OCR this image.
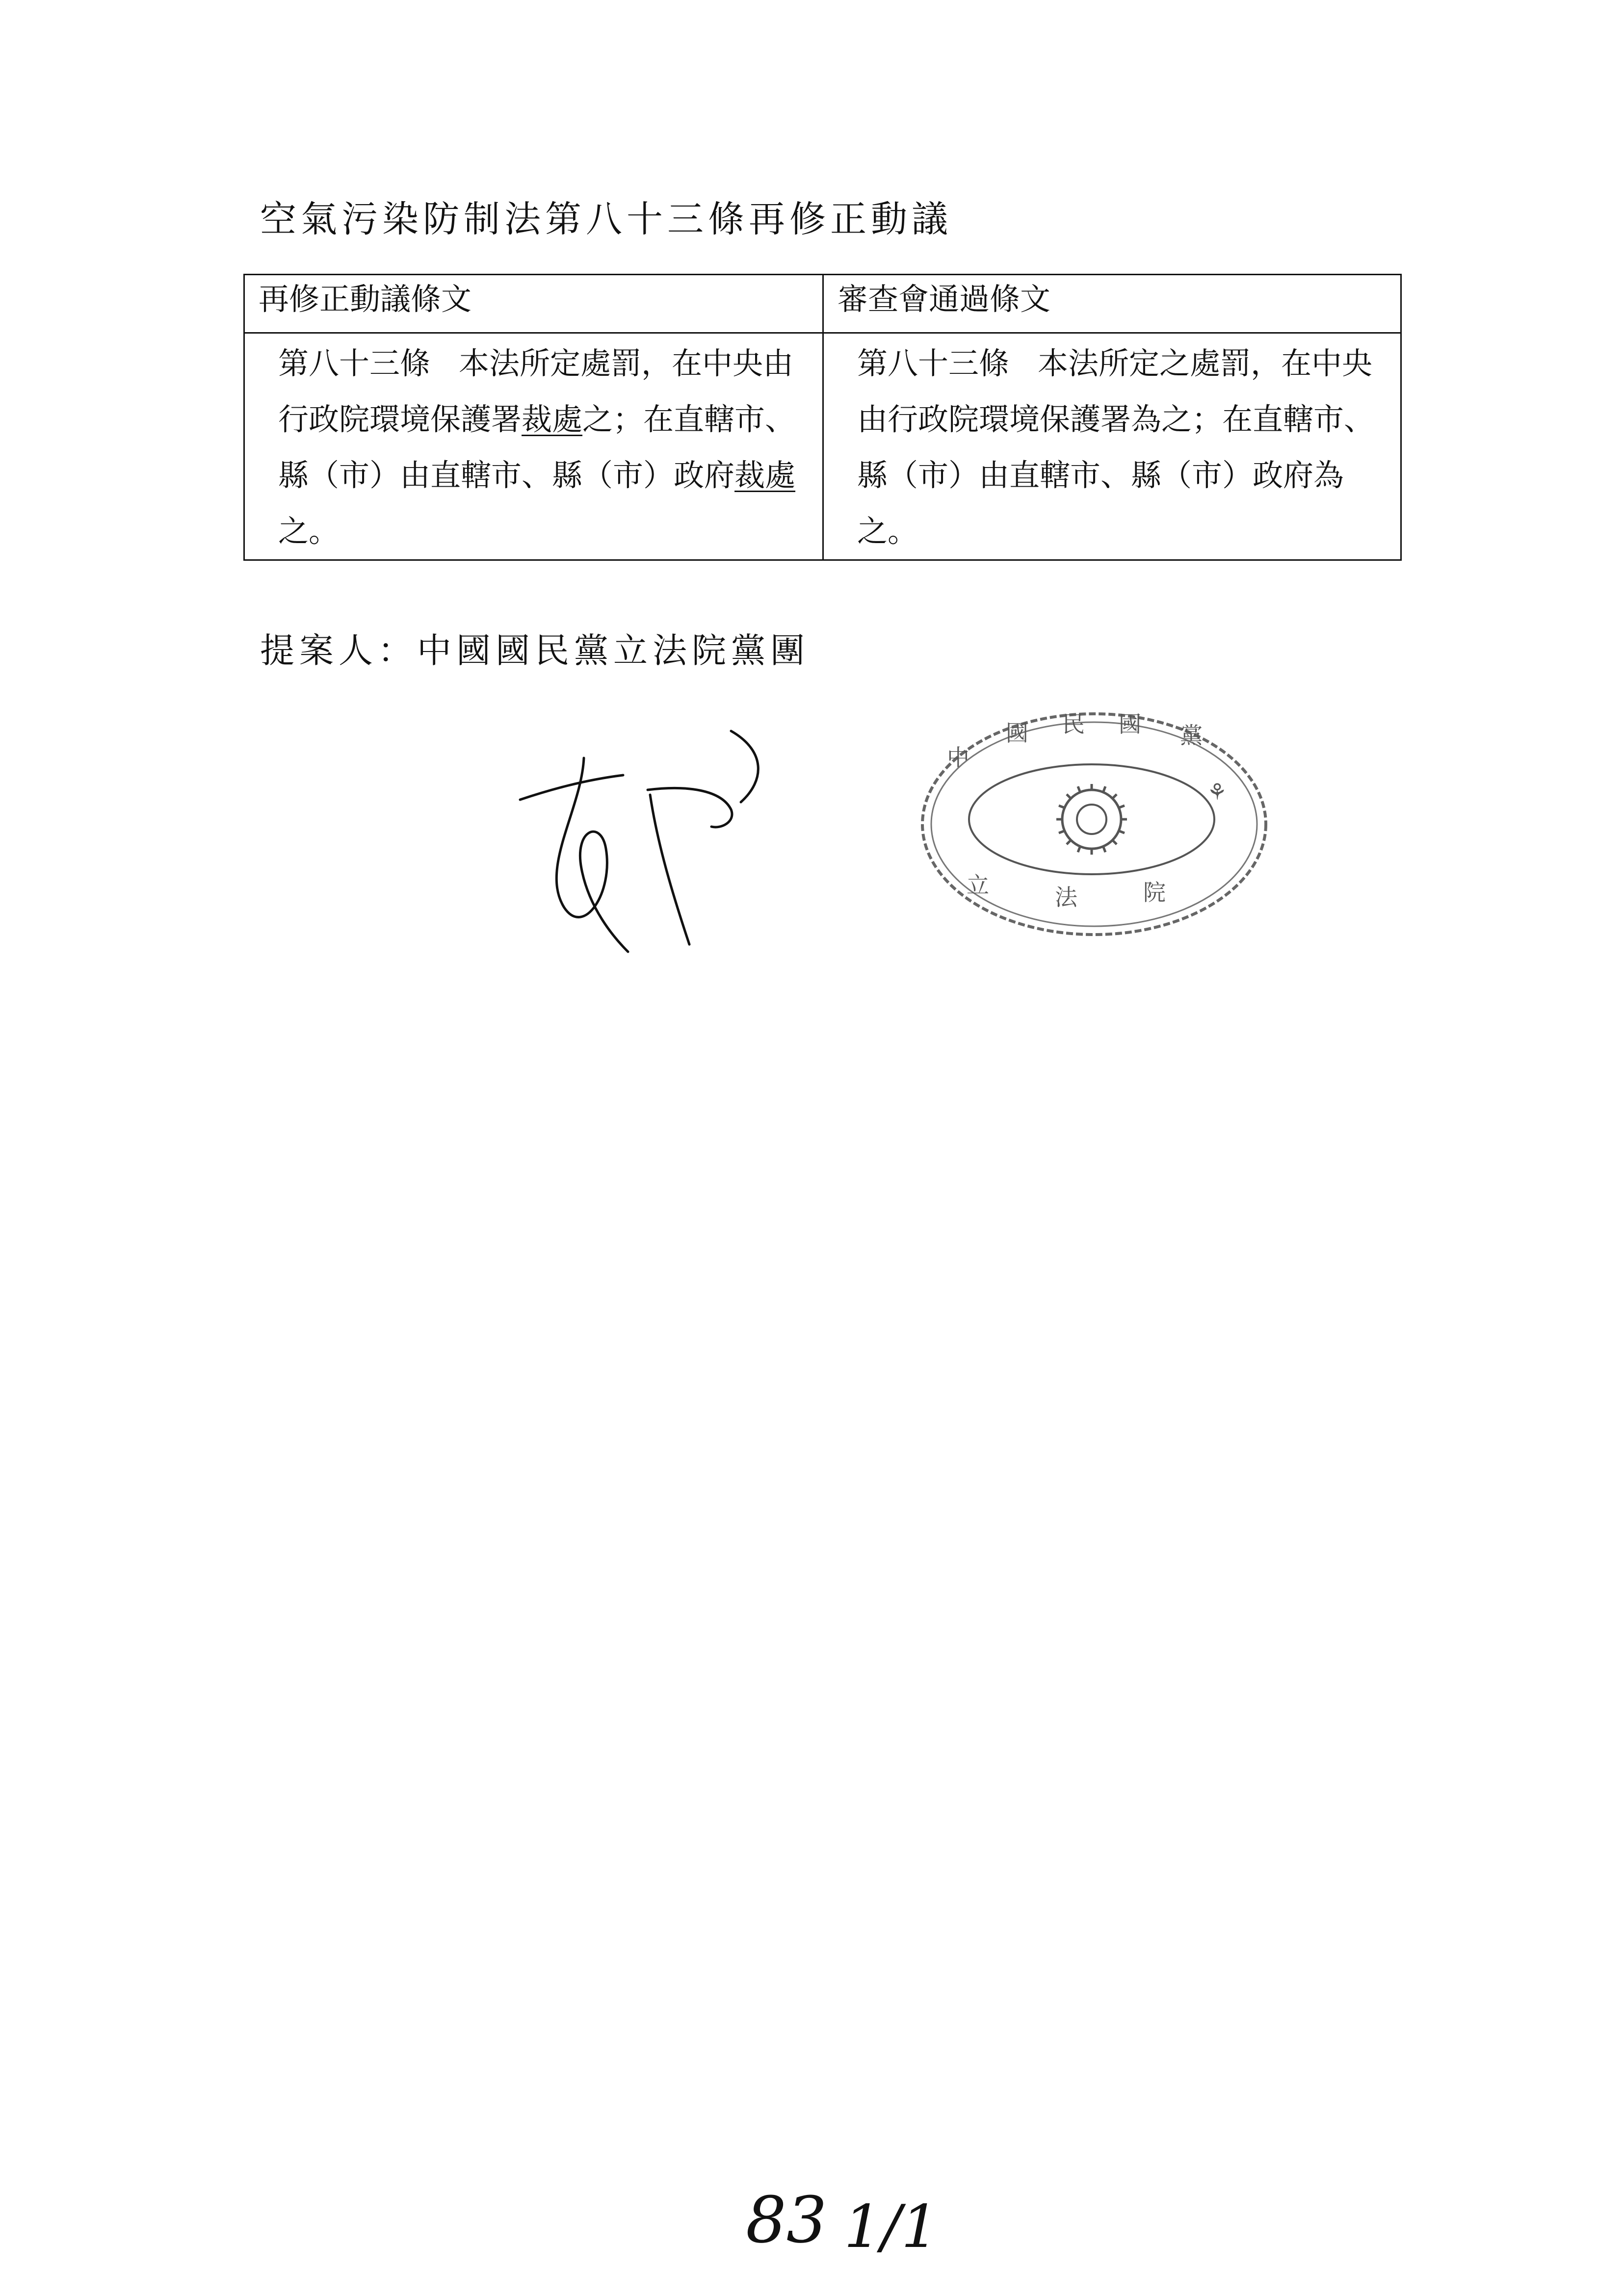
空氣污染防制法第八十三條再修正動議
再修正動議條文	審查會通過條文
第八十三條 本法所定處罰，在中央由行政院環境保護署裁處之；在直轄市、縣（市）由直轄市、縣（市）政府裁處之。	第八十三條 本法所定之處罰，在中央由行政院環境保護署為之；在直轄市、縣（市）由直轄市、縣（市）政府為之。
提案人：中國國民黨立法院黨團
中
國 民 國 黨
立	法	院
⚘
83 1/1
